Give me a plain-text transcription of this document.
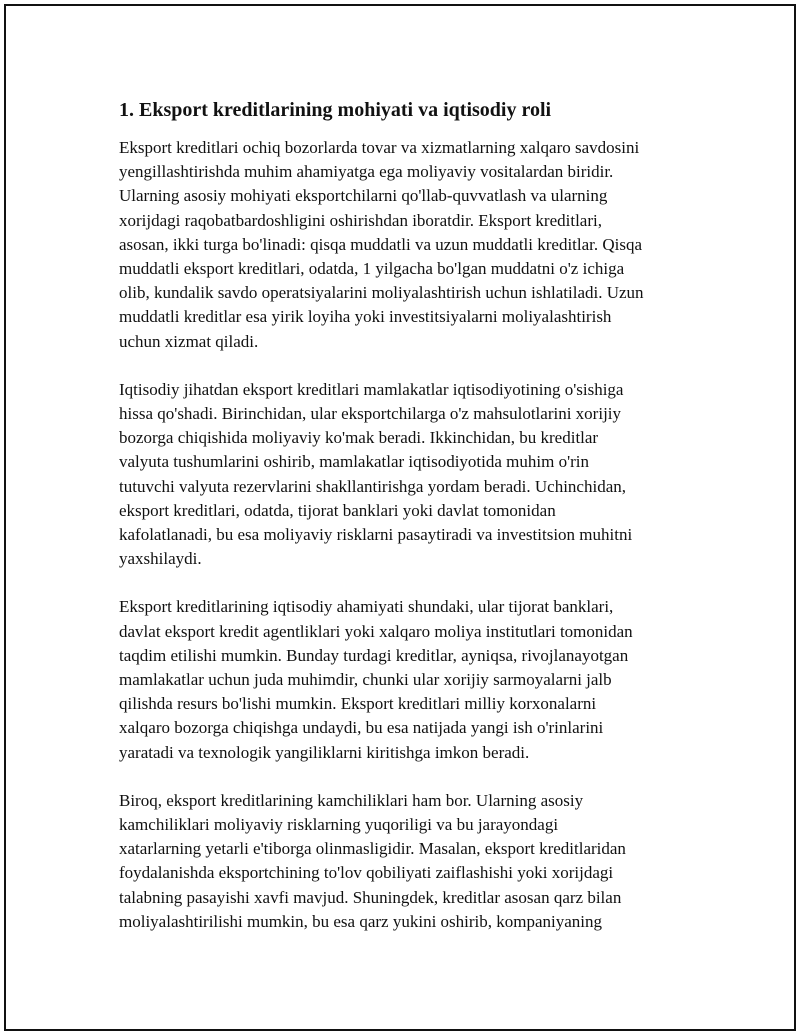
1. Eksport kreditlarining mohiyati va iqtisodiy roli

Eksport kreditlari ochiq bozorlarda tovar va xizmatlarning xalqaro savdosini
yengillashtirishda muhim ahamiyatga ega moliyaviy vositalardan biridir.
Ularning asosiy mohiyati eksportchilarni qo'llab-quvvatlash va ularning
xorijdagi raqobatbardoshligini oshirishdan iboratdir. Eksport kreditlari,
asosan, ikki turga bo'linadi: qisqa muddatli va uzun muddatli kreditlar. Qisqa
muddatli eksport kreditlari, odatda, 1 yilgacha bo'lgan muddatni o'z ichiga
olib, kundalik savdo operatsiyalarini moliyalashtirish uchun ishlatiladi. Uzun
muddatli kreditlar esa yirik loyiha yoki investitsiyalarni moliyalashtirish
uchun xizmat qiladi.

Iqtisodiy jihatdan eksport kreditlari mamlakatlar iqtisodiyotining o'sishiga
hissa qo'shadi. Birinchidan, ular eksportchilarga o'z mahsulotlarini xorijiy
bozorga chiqishida moliyaviy ko'mak beradi. Ikkinchidan, bu kreditlar
valyuta tushumlarini oshirib, mamlakatlar iqtisodiyotida muhim o'rin
tutuvchi valyuta rezervlarini shakllantirishga yordam beradi. Uchinchidan,
eksport kreditlari, odatda, tijorat banklari yoki davlat tomonidan
kafolatlanadi, bu esa moliyaviy risklarni pasaytiradi va investitsion muhitni
yaxshilaydi.

Eksport kreditlarining iqtisodiy ahamiyati shundaki, ular tijorat banklari,
davlat eksport kredit agentliklari yoki xalqaro moliya institutlari tomonidan
taqdim etilishi mumkin. Bunday turdagi kreditlar, ayniqsa, rivojlanayotgan
mamlakatlar uchun juda muhimdir, chunki ular xorijiy sarmoyalarni jalb
qilishda resurs bo'lishi mumkin. Eksport kreditlari milliy korxonalarni
xalqaro bozorga chiqishga undaydi, bu esa natijada yangi ish o'rinlarini
yaratadi va texnologik yangiliklarni kiritishga imkon beradi.

Biroq, eksport kreditlarining kamchiliklari ham bor. Ularning asosiy
kamchiliklari moliyaviy risklarning yuqoriligi va bu jarayondagi
xatarlarning yetarli e'tiborga olinmasligidir. Masalan, eksport kreditlaridan
foydalanishda eksportchining to'lov qobiliyati zaiflashishi yoki xorijdagi
talabning pasayishi xavfi mavjud. Shuningdek, kreditlar asosan qarz bilan
moliyalashtirilishi mumkin, bu esa qarz yukini oshirib, kompaniyaning
